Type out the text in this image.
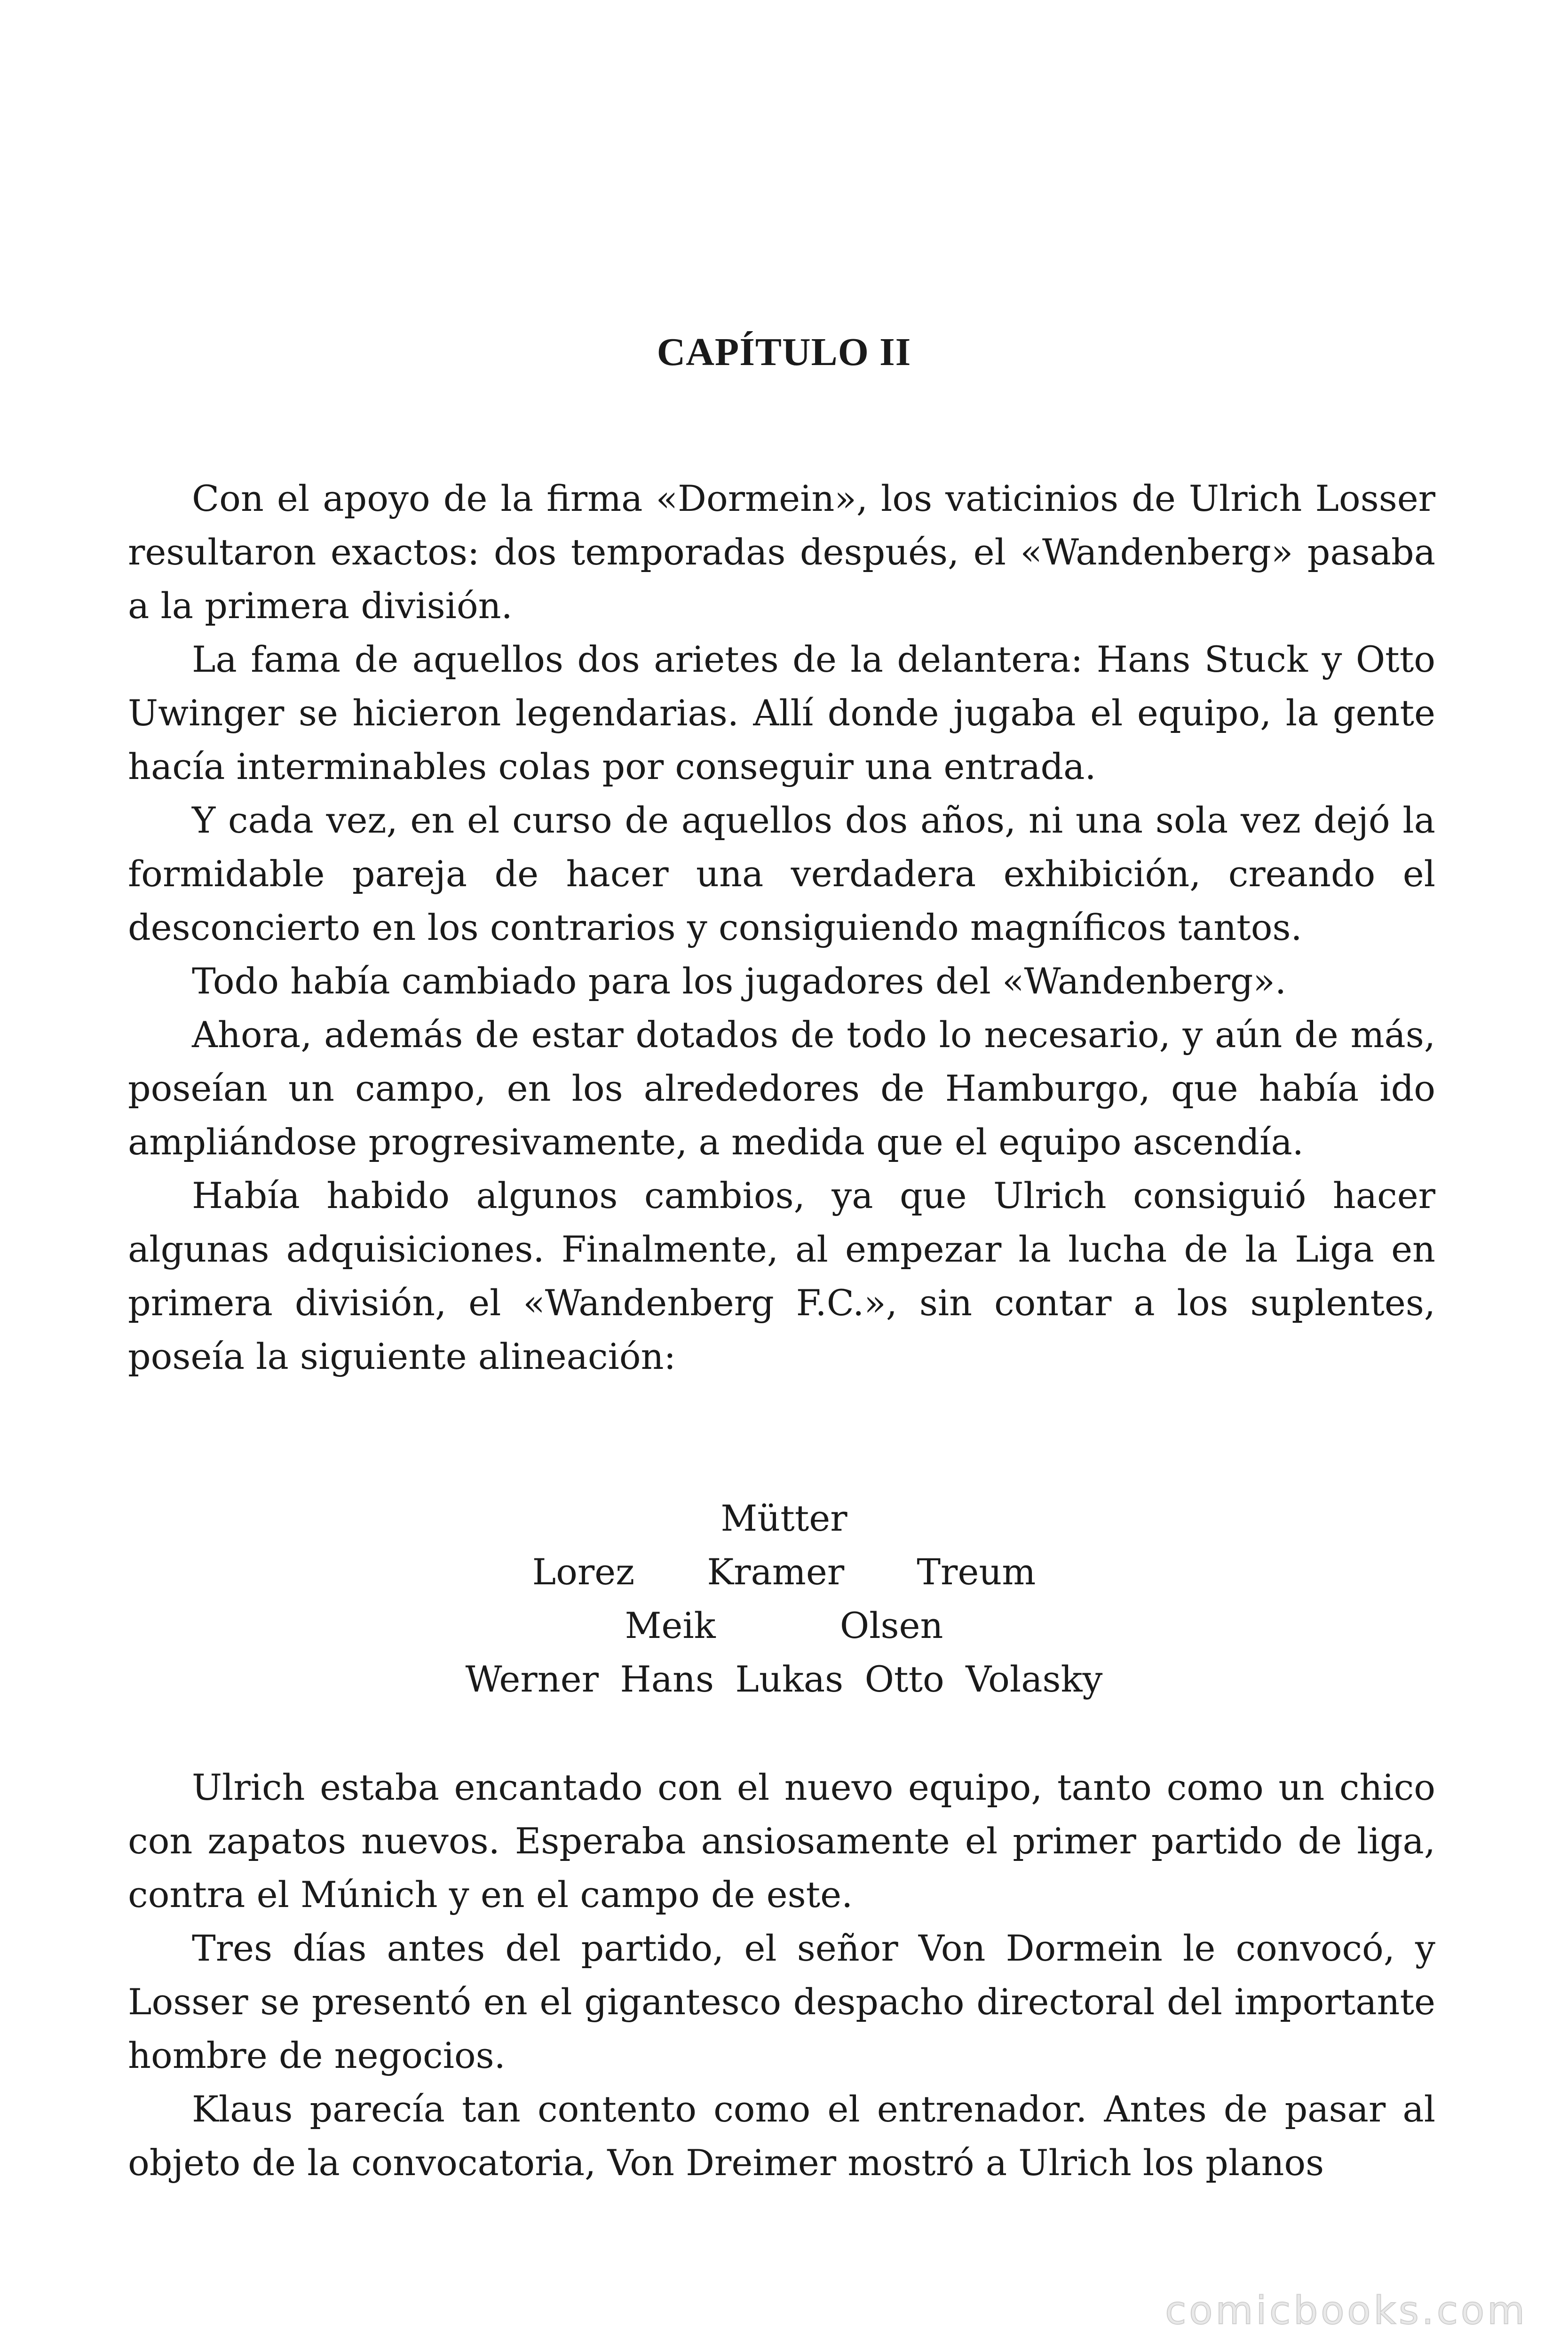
CAPÍTULO II

Con el apoyo de la firma «Dormein», los vaticinios de Ulrich Losser resultaron exactos: dos temporadas después, el «Wandenberg» pasaba a la primera división.

La fama de aquellos dos arietes de la delantera: Hans Stuck y Otto Uwinger se hicieron legendarias. Allí donde jugaba el equipo, la gente hacía interminables colas por conseguir una entrada.

Y cada vez, en el curso de aquellos dos años, ni una sola vez dejó la formidable pareja de hacer una verdadera exhibición, creando el desconcierto en los contrarios y consiguiendo magníficos tantos.

Todo había cambiado para los jugadores del «Wandenberg».

Ahora, además de estar dotados de todo lo necesario, y aún de más, poseían un campo, en los alrededores de Hamburgo, que había ido ampliándose progresivamente, a medida que el equipo ascendía.

Había habido algunos cambios, ya que Ulrich consiguió hacer algunas adquisiciones. Finalmente, al empezar la lucha de la Liga en primera división, el «Wandenberg F.C.», sin contar a los suplentes, poseía la siguiente alineación:

Mütter
Lorez Kramer Treum
Meik	Olsen
Werner Hans Lukas Otto Volasky

Ulrich estaba encantado con el nuevo equipo, tanto como un chico con zapatos nuevos. Esperaba ansiosamente el primer partido de liga, contra el Múnich y en el campo de este.

Tres días antes del partido, el señor Von Dormein le convocó, y Losser se presentó en el gigantesco despacho directoral del importante hombre de negocios.

Klaus parecía tan contento como el entrenador. Antes de pasar al objeto de la convocatoria, Von Dreimer mostró a Ulrich los planos

comicbooks.com
